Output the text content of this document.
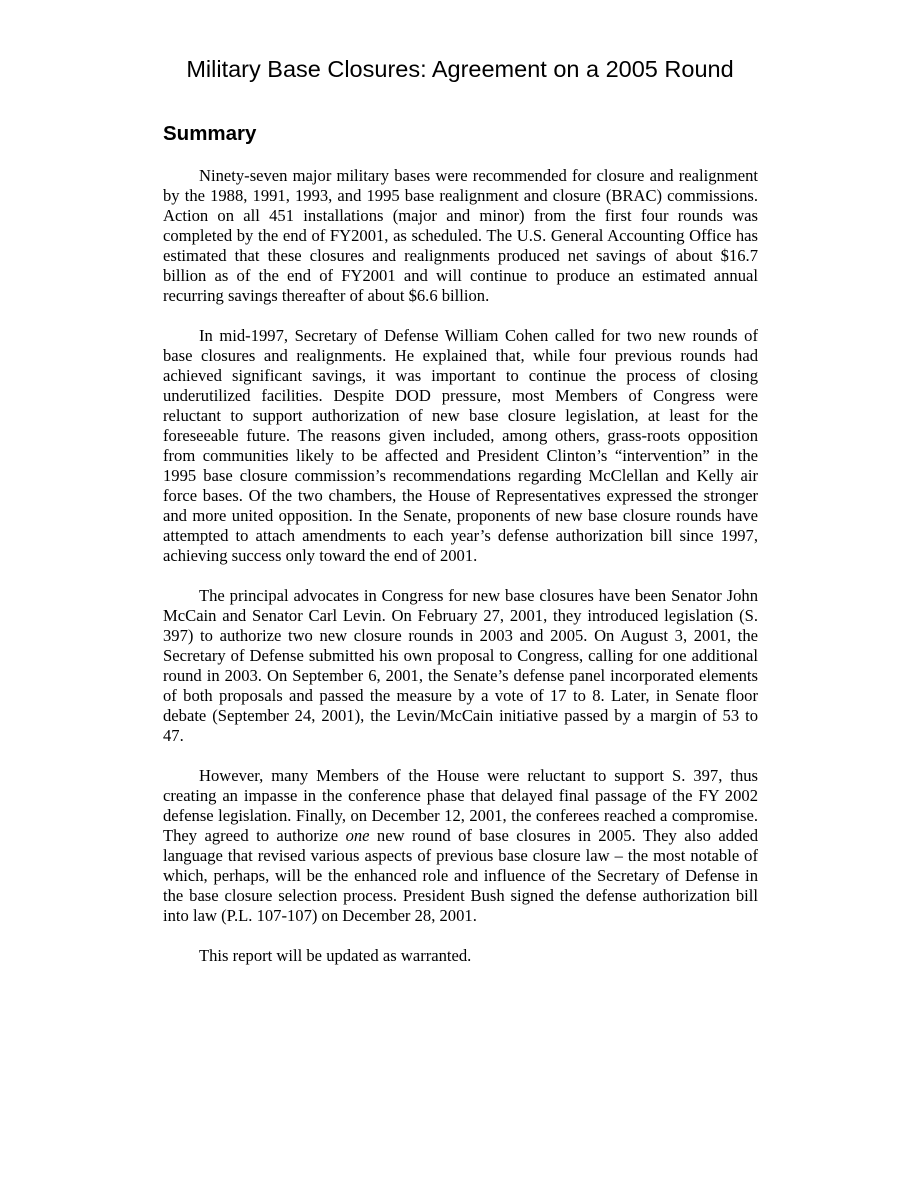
Military Base Closures: Agreement on a 2005 Round
Summary

Ninety-seven major military bases were recommended for closure and realignment by the 1988, 1991, 1993, and 1995 base realignment and closure (BRAC) commissions. Action on all 451 installations (major and minor) from the first four rounds was completed by the end of FY2001, as scheduled. The U.S. General Accounting Office has estimated that these closures and realignments produced net savings of about $16.7 billion as of the end of FY2001 and will continue to produce an estimated annual recurring savings thereafter of about $6.6 billion.

In mid-1997, Secretary of Defense William Cohen called for two new rounds of base closures and realignments. He explained that, while four previous rounds had achieved significant savings, it was important to continue the process of closing underutilized facilities. Despite DOD pressure, most Members of Congress were reluctant to support authorization of new base closure legislation, at least for the foreseeable future. The reasons given included, among others, grass-roots opposition from communities likely to be affected and President Clinton’s “intervention” in the 1995 base closure commission’s recommendations regarding McClellan and Kelly air force bases. Of the two chambers, the House of Representatives expressed the stronger and more united opposition. In the Senate, proponents of new base closure rounds have attempted to attach amendments to each year’s defense authorization bill since 1997, achieving success only toward the end of 2001.

The principal advocates in Congress for new base closures have been Senator John McCain and Senator Carl Levin. On February 27, 2001, they introduced legislation (S. 397) to authorize two new closure rounds in 2003 and 2005. On August 3, 2001, the Secretary of Defense submitted his own proposal to Congress, calling for one additional round in 2003. On September 6, 2001, the Senate’s defense panel incorporated elements of both proposals and passed the measure by a vote of 17 to 8. Later, in Senate floor debate (September 24, 2001), the Levin/McCain initiative passed by a margin of 53 to 47.

However, many Members of the House were reluctant to support S. 397, thus creating an impasse in the conference phase that delayed final passage of the FY 2002 defense legislation. Finally, on December 12, 2001, the conferees reached a compromise. They agreed to authorize one new round of base closures in 2005. They also added language that revised various aspects of previous base closure law – the most notable of which, perhaps, will be the enhanced role and influence of the Secretary of Defense in the base closure selection process. President Bush signed the defense authorization bill into law (P.L. 107-107) on December 28, 2001.

This report will be updated as warranted.
